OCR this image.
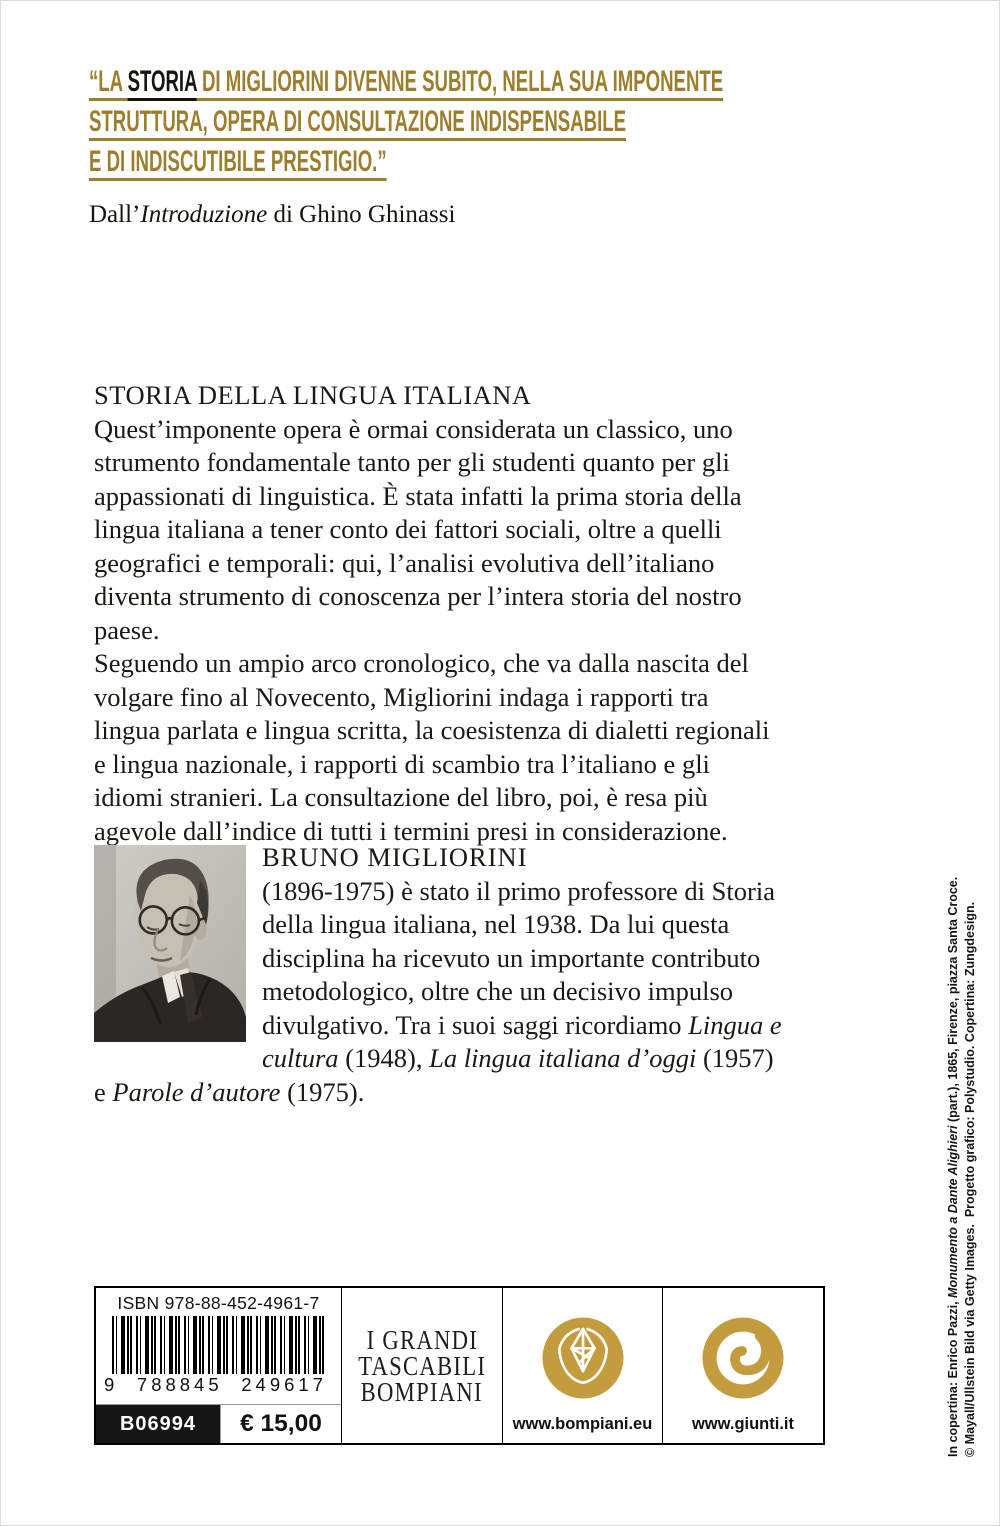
“LA STORIA DI MIGLIORINI DIVENNE SUBITO, NELLA SUA IMPONENTE
STRUTTURA, OPERA DI CONSULTAZIONE INDISPENSABILE
E DI INDISCUTIBILE PRESTIGIO.”

Dall’Introduzione di Ghino Ghinassi

STORIA DELLA LINGUA ITALIANA

Quest’imponente opera è ormai considerata un classico, uno strumento fondamentale tanto per gli studenti quanto per gli appassionati di linguistica. È stata infatti la prima storia della lingua italiana a tener conto dei fattori sociali, oltre a quelli geografici e temporali: qui, l’analisi evolutiva dell’italiano diventa strumento di conoscenza per l’intera storia del nostro paese.

Seguendo un ampio arco cronologico, che va dalla nascita del volgare fino al Novecento, Migliorini indaga i rapporti tra lingua parlata e lingua scritta, la coesistenza di dialetti regionali e lingua nazionale, i rapporti di scambio tra l’italiano e gli idiomi stranieri. La consultazione del libro, poi, è resa più agevole dall’indice di tutti i termini presi in considerazione.

BRUNO MIGLIORINI

(1896-1975) è stato il primo professore di Storia della lingua italiana, nel 1938. Da lui questa disciplina ha ricevuto un importante contributo metodologico, oltre che un decisivo impulso divulgativo. Tra i suoi saggi ricordiamo Lingua e cultura (1948), La lingua italiana d’oggi (1957) e Parole d’autore (1975).

ISBN 978-88-452-4961-7
9 788845 249617
B06994	€ 15,00
I GRANDI
TASCABILI
BOMPIANI
www.bompiani.eu www.giunti.it	In copertina: Enrico Pazzi, Monumento a Dante Alighieri (part.), 1865, Firenze, piazza Santa Croce. © Mayall/Ullstein Bild via Getty Images.  Progetto grafico: Polystudio. Copertina: Zungdesign.
